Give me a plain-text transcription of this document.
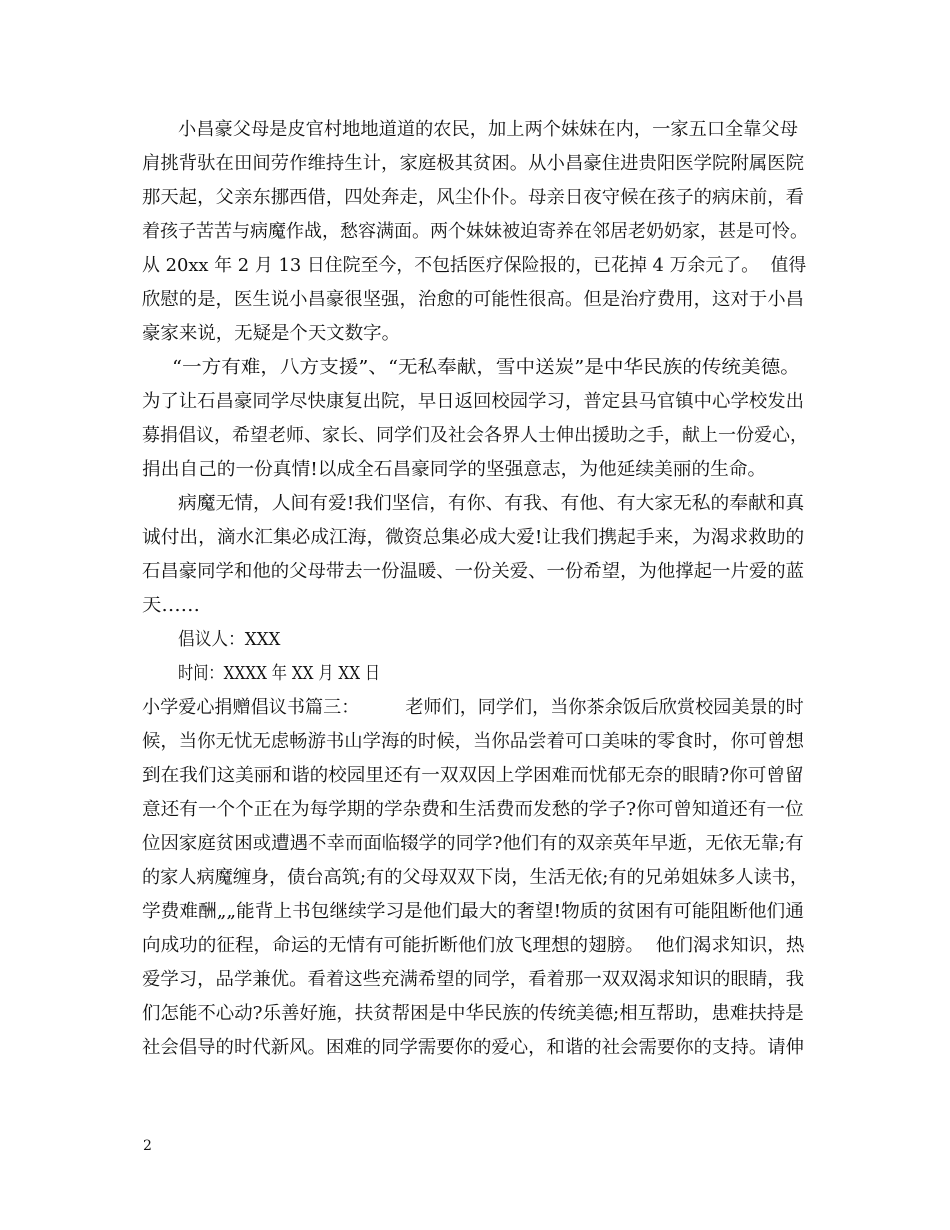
小昌豪父母是皮官村地地道道的农民，加上两个妹妹在内，一家五口全靠父母
肩挑背驮在田间劳作维持生计，家庭极其贫困。从小昌豪住进贵阳医学院附属医院
那天起，父亲东挪西借，四处奔走，风尘仆仆。母亲日夜守候在孩子的病床前，看
着孩子苦苦与病魔作战，愁容满面。两个妹妹被迫寄养在邻居老奶奶家，甚是可怜。
从 20xx 年 2 月 13 日住院至今，不包括医疗保险报的，已花掉 4 万余元了。  值得
欣慰的是，医生说小昌豪很坚强，治愈的可能性很高。但是治疗费用，这对于小昌
豪家来说，无疑是个天文数字。
“一方有难，八方支援”、“无私奉献，雪中送炭”是中华民族的传统美德。
为了让石昌豪同学尽快康复出院，早日返回校园学习，普定县马官镇中心学校发出
募捐倡议，希望老师、家长、同学们及社会各界人士伸出援助之手，献上一份爱心，
捐出自己的一份真情!以成全石昌豪同学的坚强意志，为他延续美丽的生命。
病魔无情，人间有爱!我们坚信，有你、有我、有他、有大家无私的奉献和真
诚付出，滴水汇集必成江海，微资总集必成大爱!让我们携起手来，为渴求救助的
石昌豪同学和他的父母带去一份温暖、一份关爱、一份希望，为他撑起一片爱的蓝
天……
倡议人：XXX
时间：XXXX 年 XX 月 XX 日
小学爱心捐赠倡议书篇三：        老师们，同学们，当你茶余饭后欣赏校园美景的时
候，当你无忧无虑畅游书山学海的时候，当你品尝着可口美味的零食时，你可曾想
到在我们这美丽和谐的校园里还有一双双因上学困难而忧郁无奈的眼睛?你可曾留
意还有一个个正在为每学期的学杂费和生活费而发愁的学子?你可曾知道还有一位
位因家庭贫困或遭遇不幸而面临辍学的同学?他们有的双亲英年早逝，无依无靠;有
的家人病魔缠身，债台高筑;有的父母双双下岗，生活无依;有的兄弟姐妹多人读书，
学费难酬„„能背上书包继续学习是他们最大的奢望!物质的贫困有可能阻断他们通
向成功的征程，命运的无情有可能折断他们放飞理想的翅膀。  他们渴求知识，热
爱学习，品学兼优。看着这些充满希望的同学，看着那一双双渴求知识的眼睛，我
们怎能不心动?乐善好施，扶贫帮困是中华民族的传统美德;相互帮助，患难扶持是
社会倡导的时代新风。困难的同学需要你的爱心，和谐的社会需要你的支持。请伸
2
